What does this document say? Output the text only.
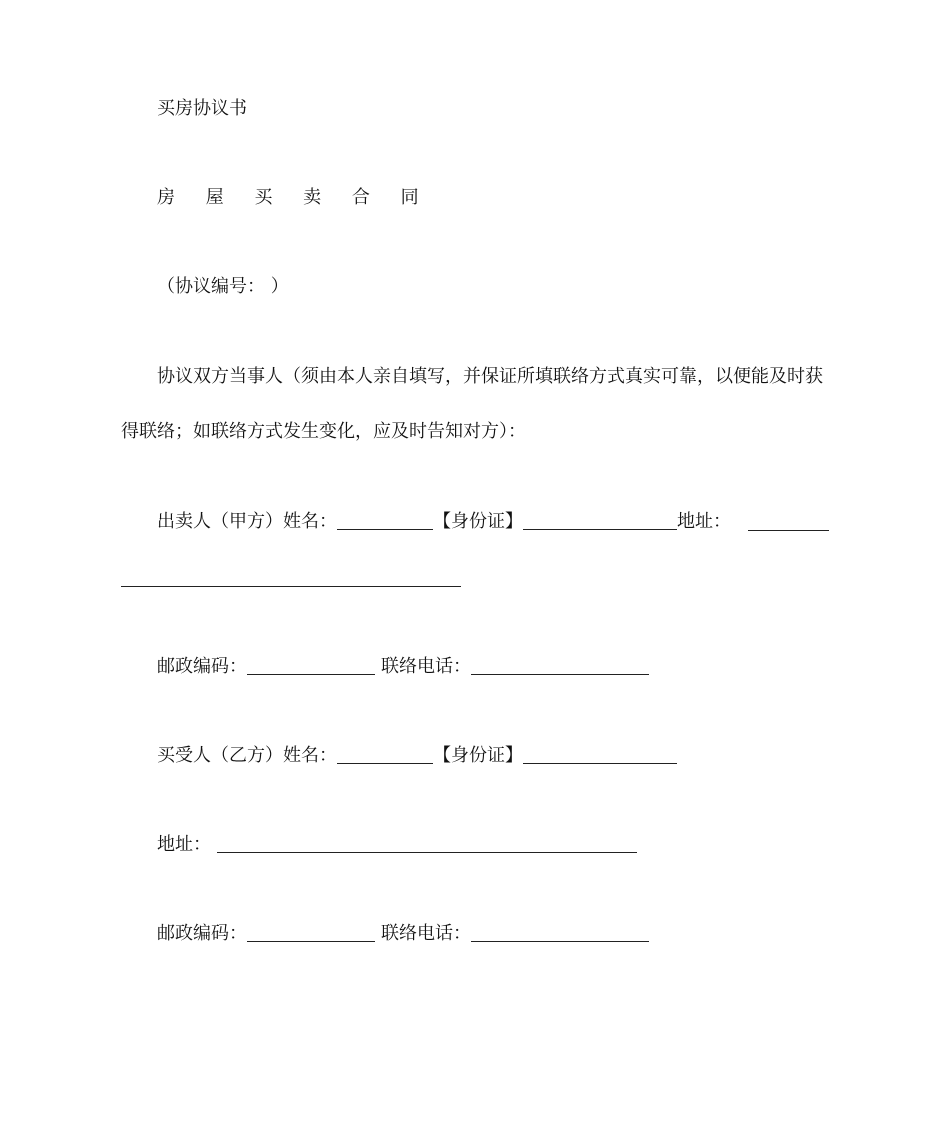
买房协议书
房 屋 买 卖 合 同
（协议编号： ）
协议双方当事人（须由本人亲自填写，并保证所填联络方式真实可靠，以便能及时获
得联络；如联络方式发生变化，应及时告知对方）：
出卖人（甲方）姓名：	【身份证】	地址：
邮政编码：	联络电话：
买受人（乙方）姓名：	【身份证】
地址：
邮政编码：	联络电话：
